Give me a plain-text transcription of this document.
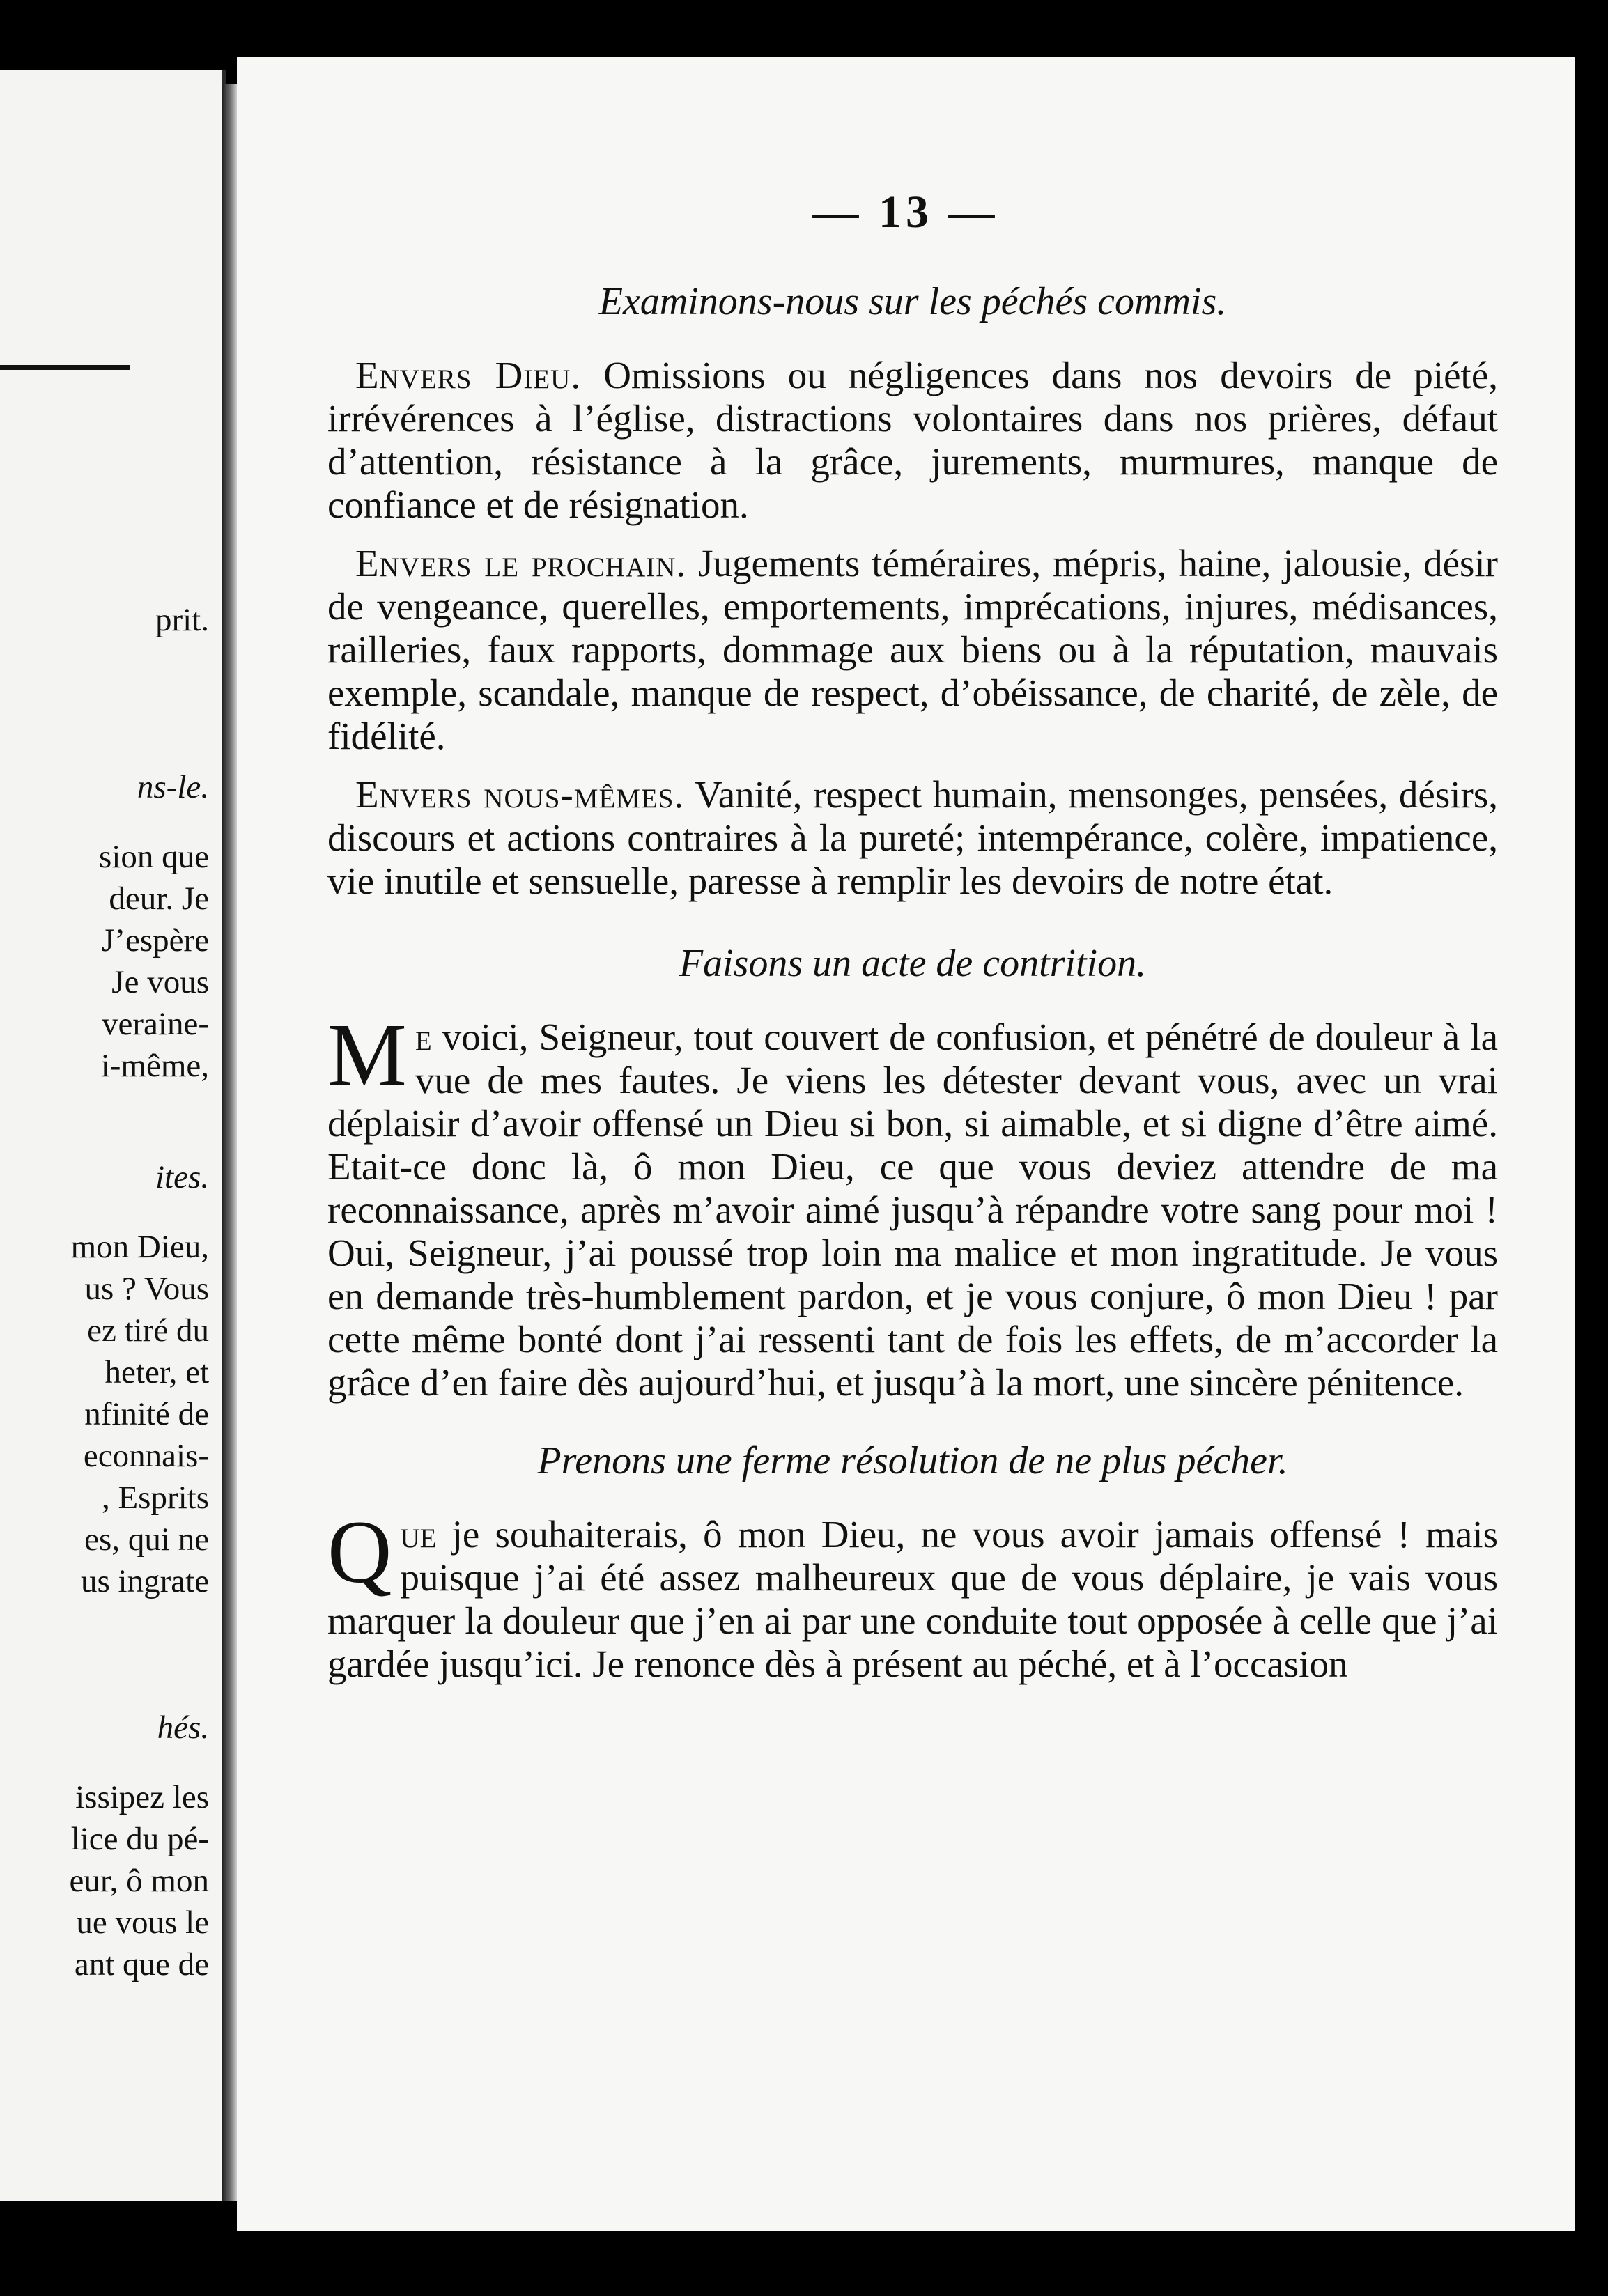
prit.
ns-le.
sion que
deur. Je
J’espère
Je vous
veraine-
i-même,
ites.
mon Dieu,
us ? Vous
ez tiré du
heter, et
nfinité de
econnais-
, Esprits
es, qui ne
us ingrate
hés.
issipez les
lice du pé-
eur, ô mon
ue vous le
ant que de
— 13 —
Examinons-nous sur les péchés commis.

Envers Dieu. Omissions ou négligences dans nos devoirs de piété, irrévérences à l’église, distractions volontaires dans nos prières, défaut d’attention, résistance à la grâce, jurements, murmures, manque de confiance et de résignation.

Envers le prochain. Jugements téméraires, mépris, haine, jalousie, désir de vengeance, querelles, emportements, imprécations, injures, médisances, railleries, faux rapports, dommage aux biens ou à la réputation, mauvais exemple, scandale, manque de respect, d’obéissance, de charité, de zèle, de fidélité.

Envers nous-mêmes. Vanité, respect humain, mensonges, pensées, désirs, discours et actions contraires à la pureté; intempérance, colère, impatience, vie inutile et sensuelle, paresse à remplir les devoirs de notre état.

Faisons un acte de contrition.

Me voici, Seigneur, tout couvert de confusion, et pénétré de douleur à la vue de mes fautes. Je viens les détester devant vous, avec un vrai déplaisir d’avoir offensé un Dieu si bon, si aimable, et si digne d’être aimé. Etait-ce donc là, ô mon Dieu, ce que vous deviez attendre de ma reconnaissance, après m’avoir aimé jusqu’à répandre votre sang pour moi ! Oui, Seigneur, j’ai poussé trop loin ma malice et mon ingratitude. Je vous en demande très-humblement pardon, et je vous conjure, ô mon Dieu ! par cette même bonté dont j’ai ressenti tant de fois les effets, de m’accorder la grâce d’en faire dès aujourd’hui, et jusqu’à la mort, une sincère pénitence.

Prenons une ferme résolution de ne plus pécher.

Que je souhaiterais, ô mon Dieu, ne vous avoir jamais offensé ! mais puisque j’ai été assez malheureux que de vous déplaire, je vais vous marquer la douleur que j’en ai par une conduite tout opposée à celle que j’ai gardée jusqu’ici. Je renonce dès à présent au péché, et à l’occasion
